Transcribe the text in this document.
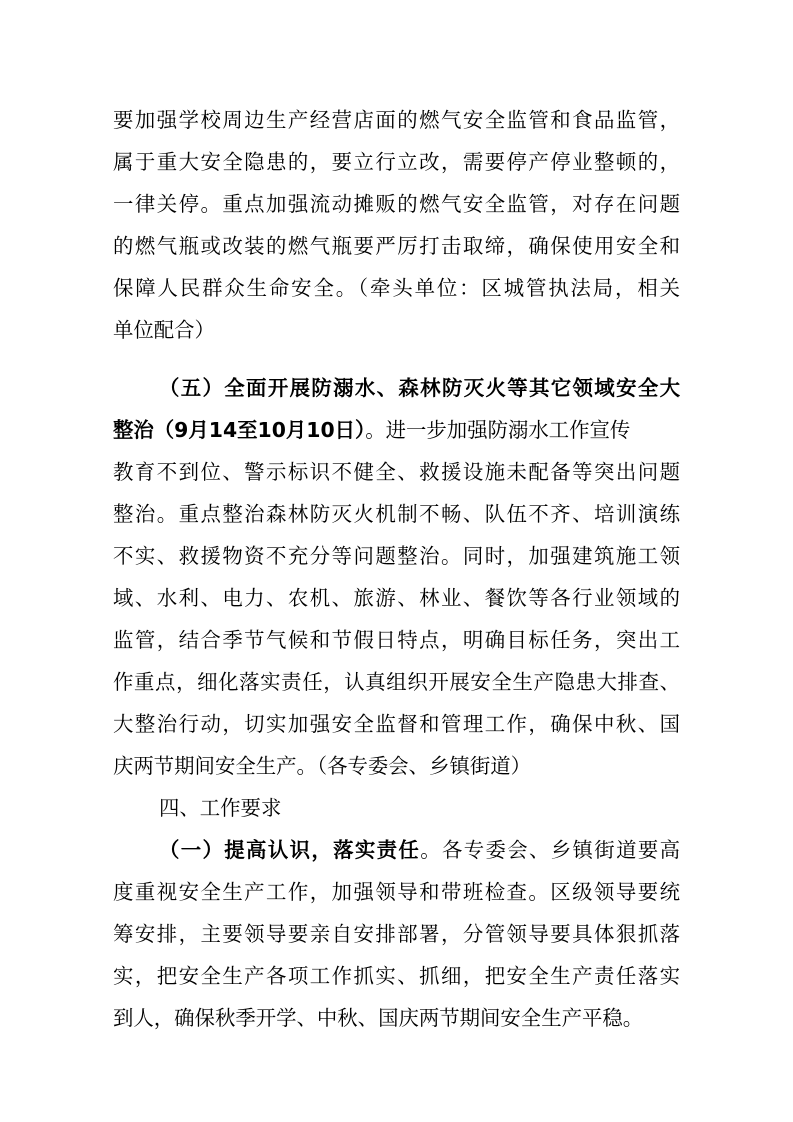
要加强学校周边生产经营店面的燃气安全监管和食品监管，
属于重大安全隐患的，要立行立改，需要停产停业整顿的，
一律关停。重点加强流动摊贩的燃气安全监管，对存在问题
的燃气瓶或改装的燃气瓶要严厉打击取缔，确保使用安全和
保障人民群众生命安全。（牵头单位：区城管执法局，相关
单位配合）
（五）全面开展防溺水、森林防灭火等其它领域安全大
整治（9月14至10月10日）。进一步加强防溺水工作宣传
教育不到位、警示标识不健全、救援设施未配备等突出问题
整治。重点整治森林防灭火机制不畅、队伍不齐、培训演练
不实、救援物资不充分等问题整治。同时，加强建筑施工领
域、水利、电力、农机、旅游、林业、餐饮等各行业领域的
监管，结合季节气候和节假日特点，明确目标任务，突出工
作重点，细化落实责任，认真组织开展安全生产隐患大排查、
大整治行动，切实加强安全监督和管理工作，确保中秋、国
庆两节期间安全生产。（各专委会、乡镇街道）
四、工作要求
（一）提高认识，落实责任。各专委会、乡镇街道要高
度重视安全生产工作，加强领导和带班检查。区级领导要统
筹安排，主要领导要亲自安排部署，分管领导要具体狠抓落
实，把安全生产各项工作抓实、抓细，把安全生产责任落实
到人，确保秋季开学、中秋、国庆两节期间安全生产平稳。
